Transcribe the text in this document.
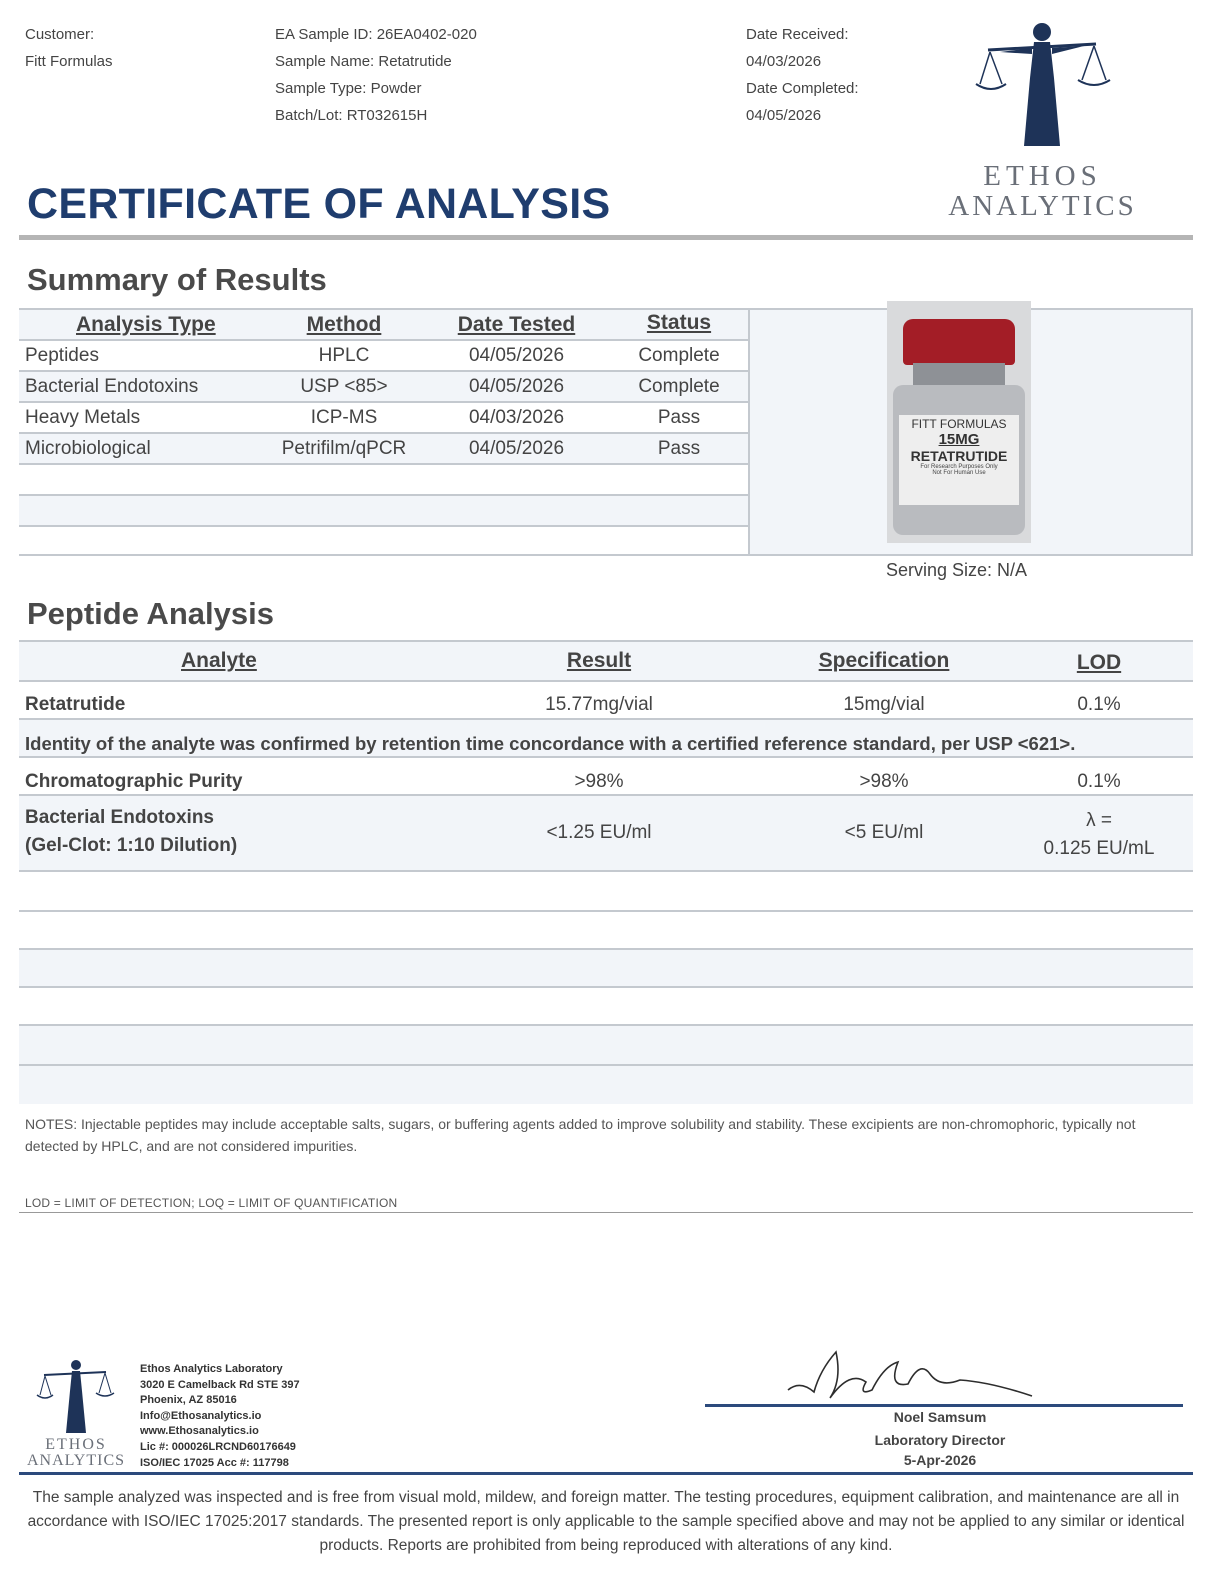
Customer:
Fitt Formulas
EA Sample ID: 26EA0402-020
Sample Name: Retatrutide
Sample Type: Powder
Batch/Lot: RT032615H
Date Received:
04/03/2026
Date Completed:
04/05/2026
ETHOS
ANALYTICS
CERTIFICATE OF ANALYSIS
Summary of Results
Analysis Type	Method	Date Tested	Status
Peptides	HPLC	04/05/2026	Complete
Bacterial Endotoxins	USP <85>	04/05/2026	Complete
Heavy Metals	ICP-MS	04/03/2026	Pass
Microbiological	Petrifilm/qPCR	04/05/2026	Pass
FITT FORMULAS
15MG
RETATRUTIDE
For Research Purposes Only
Not For Human Use
Serving Size: N/A
Peptide Analysis
Analyte	Result	Specification	LOD
Retatrutide	15.77mg/vial	15mg/vial	0.1%
Identity of the analyte was confirmed by retention time concordance with a certified reference standard, per USP <621>.
Chromatographic Purity	>98%	>98%	0.1%
Bacterial Endotoxins
(Gel-Clot: 1:10 Dilution)
<1.25 EU/ml	<5 EU/ml
λ =
0.125 EU/mL
NOTES: Injectable peptides may include acceptable salts, sugars, or buffering agents added to improve solubility and stability. These excipients are non-chromophoric, typically not detected by HPLC, and are not considered impurities.
LOD = LIMIT OF DETECTION; LOQ = LIMIT OF QUANTIFICATION
ETHOS
ANALYTICS
Ethos Analytics Laboratory
3020 E Camelback Rd STE 397
Phoenix, AZ 85016
Info@Ethosanalytics.io
www.Ethosanalytics.io
Lic #: 000026LRCND60176649
ISO/IEC 17025 Acc #: 117798
Noel Samsum
Laboratory Director
5-Apr-2026
The sample analyzed was inspected and is free from visual mold, mildew, and foreign matter. The testing procedures, equipment calibration, and maintenance are all in accordance with ISO/IEC 17025:2017 standards. The presented report is only applicable to the sample specified above and may not be applied to any similar or identical products. Reports are prohibited from being reproduced with alterations of any kind.
